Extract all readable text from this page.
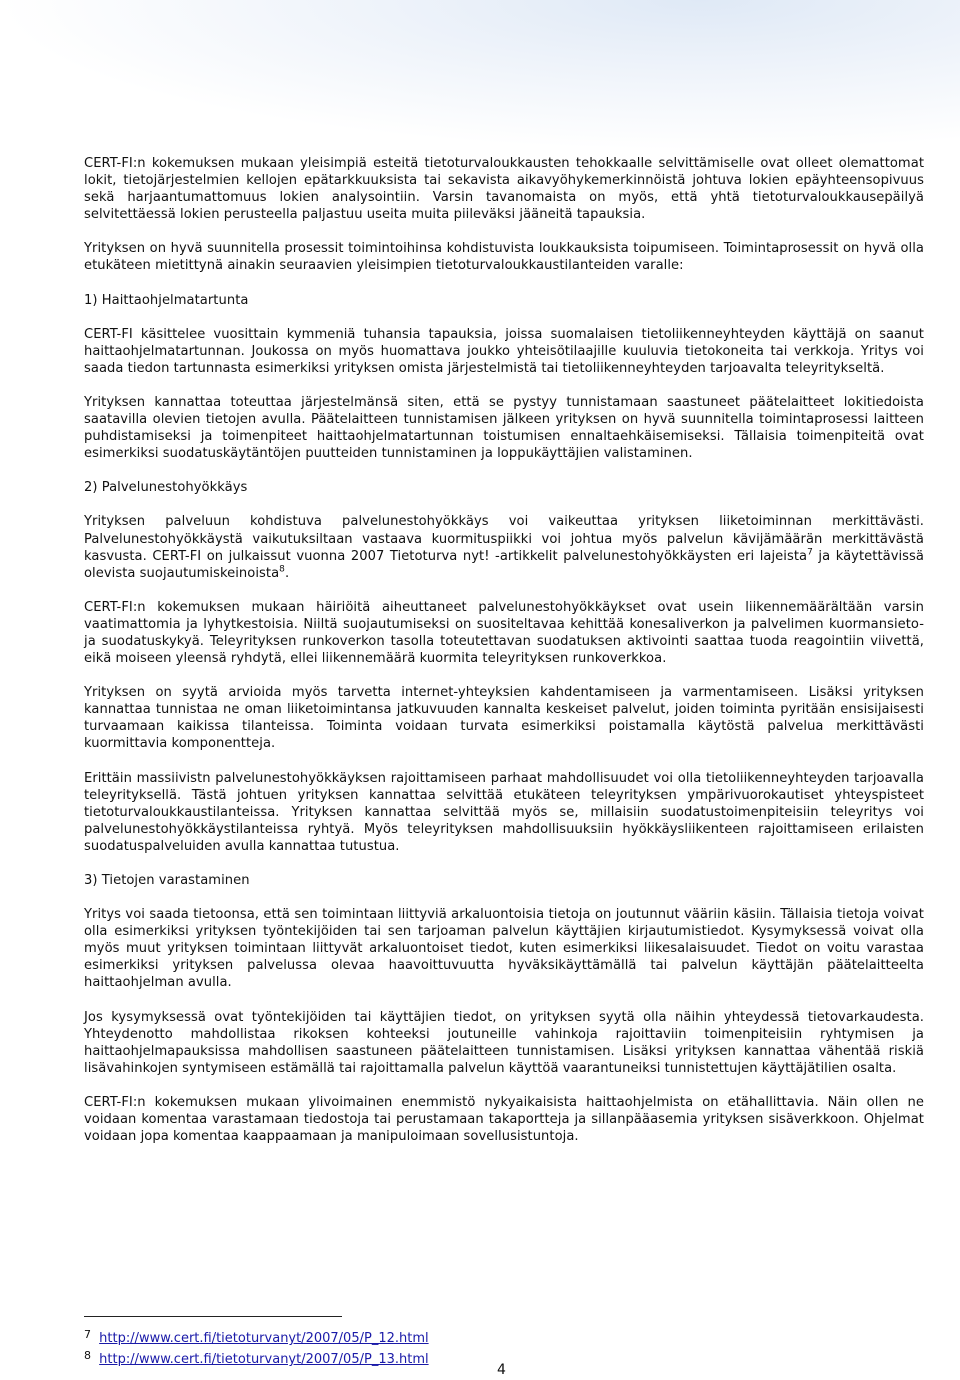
CERT-FI:n kokemuksen mukaan yleisimpiä esteitä tietoturvaloukkausten tehokkaalle selvittämiselle ovat olleet olemattomat lokit, tietojärjestelmien kellojen epätarkkuuksista tai sekavista aikavyöhykemerkinnöistä johtuva lokien epäyhteensopivuus sekä harjaantumattomuus lokien analysointiin. Varsin tavanomaista on myös, että yhtä tietoturvaloukkausepäilyä selvitettäessä lokien perusteella paljastuu useita muita piileväksi jääneitä tapauksia.

Yrityksen on hyvä suunnitella prosessit toimintoihinsa kohdistuvista loukkauksista toipumiseen. Toimintaprosessit on hyvä olla etukäteen mietittynä ainakin seuraavien yleisimpien tietoturvaloukkaustilanteiden varalle:

1) Haittaohjelmatartunta

CERT-FI käsittelee vuosittain kymmeniä tuhansia tapauksia, joissa suomalaisen tietoliikenneyhteyden käyttäjä on saanut haittaohjelmatartunnan. Joukossa on myös huomattava joukko yhteisötilaajille kuuluvia tietokoneita tai verkkoja. Yritys voi saada tiedon tartunnasta esimerkiksi yrityksen omista järjestelmistä tai tietoliikenneyhteyden tarjoavalta teleyritykseltä.

Yrityksen kannattaa toteuttaa järjestelmänsä siten, että se pystyy tunnistamaan saastuneet päätelaitteet lokitiedoista saatavilla olevien tietojen avulla. Päätelaitteen tunnistamisen jälkeen yrityksen on hyvä suunnitella toimintaprosessi laitteen puhdistamiseksi ja toimenpiteet haittaohjelmatartunnan toistumisen ennaltaehkäisemiseksi. Tällaisia toimenpiteitä ovat esimerkiksi suodatuskäytäntöjen puutteiden tunnistaminen ja loppukäyttäjien valistaminen.

2) Palvelunestohyökkäys

Yrityksen palveluun kohdistuva palvelunestohyökkäys voi vaikeuttaa yrityksen liiketoiminnan merkittävästi. Palvelunestohyökkäystä vaikutuksiltaan vastaava kuormituspiikki voi johtua myös palvelun kävijämäärän merkittävästä kasvusta. CERT-FI on julkaissut vuonna 2007 Tietoturva nyt! -artikkelit palvelunestohyökkäysten eri lajeista$^7$ ja käytettävissä olevista suojautumiskeinoista$^8$.

CERT-FI:n kokemuksen mukaan häiriöitä aiheuttaneet palvelunestohyökkäykset ovat usein liikennemäärältään varsin vaatimattomia ja lyhytkestoisia. Niiltä suojautumiseksi on suositeltavaa kehittää konesaliverkon ja palvelimen kuormansieto- ja suodatuskykyä. Teleyrityksen runkoverkon tasolla toteutettavan suodatuksen aktivointi saattaa tuoda reagointiin viivettä, eikä moiseen yleensä ryhdytä, ellei liikennemäärä kuormita teleyrityksen runkoverkkoa.

Yrityksen on syytä arvioida myös tarvetta internet-yhteyksien kahdentamiseen ja varmentamiseen. Lisäksi yrityksen kannattaa tunnistaa ne oman liiketoimintansa jatkuvuuden kannalta keskeiset palvelut, joiden toiminta pyritään ensisijaisesti turvaamaan kaikissa tilanteissa. Toiminta voidaan turvata esimerkiksi poistamalla käytöstä palvelua merkittävästi kuormittavia komponentteja.

Erittäin massiivistn palvelunestohyökkäyksen rajoittamiseen parhaat mahdollisuudet voi olla tietoliikenneyhteyden tarjoavalla teleyrityksellä. Tästä johtuen yrityksen kannattaa selvittää etukäteen teleyrityksen ympärivuorokautiset yhteyspisteet tietoturvaloukkaustilanteissa. Yrityksen kannattaa selvittää myös se, millaisiin suodatustoimenpiteisiin teleyritys voi palvelunestohyökkäystilanteissa ryhtyä. Myös teleyrityksen mahdollisuuksiin hyökkäysliikenteen rajoittamiseen erilaisten suodatuspalveluiden avulla kannattaa tutustua.

3) Tietojen varastaminen

Yritys voi saada tietoonsa, että sen toimintaan liittyviä arkaluontoisia tietoja on joutunnut vääriin käsiin. Tällaisia tietoja voivat olla esimerkiksi yrityksen työntekijöiden tai sen tarjoaman palvelun käyttäjien kirjautumistiedot. Kysymyksessä voivat olla myös muut yrityksen toimintaan liittyvät arkaluontoiset tiedot, kuten esimerkiksi liikesalaisuudet. Tiedot on voitu varastaa esimerkiksi yrityksen palvelussa olevaa haavoittuvuutta hyväksikäyttämällä tai palvelun käyttäjän päätelaitteelta haittaohjelman avulla.

Jos kysymyksessä ovat työntekijöiden tai käyttäjien tiedot, on yrityksen syytä olla näihin yhteydessä tietovarkaudesta. Yhteydenotto mahdollistaa rikoksen kohteeksi joutuneille vahinkoja rajoittaviin toimenpiteisiin ryhtymisen ja haittaohjelmapauksissa mahdollisen saastuneen päätelaitteen tunnistamisen. Lisäksi yrityksen kannattaa vähentää riskiä lisävahinkojen syntymiseen estämällä tai rajoittamalla palvelun käyttöä vaarantuneiksi tunnistettujen käyttäjätilien osalta.

CERT-FI:n kokemuksen mukaan ylivoimainen enemmistö nykyaikaisista haittaohjelmista on etähallittavia. Näin ollen ne voidaan komentaa varastamaan tiedostoja tai perustamaan takaportteja ja sillanpääasemia yrityksen sisäverkkoon. Ohjelmat voidaan jopa komentaa kaappaamaan ja manipuloimaan sovellusistuntoja.

7 http://www.cert.fi/tietoturvanyt/2007/05/P_12.html
8 http://www.cert.fi/tietoturvanyt/2007/05/P_13.html
4
